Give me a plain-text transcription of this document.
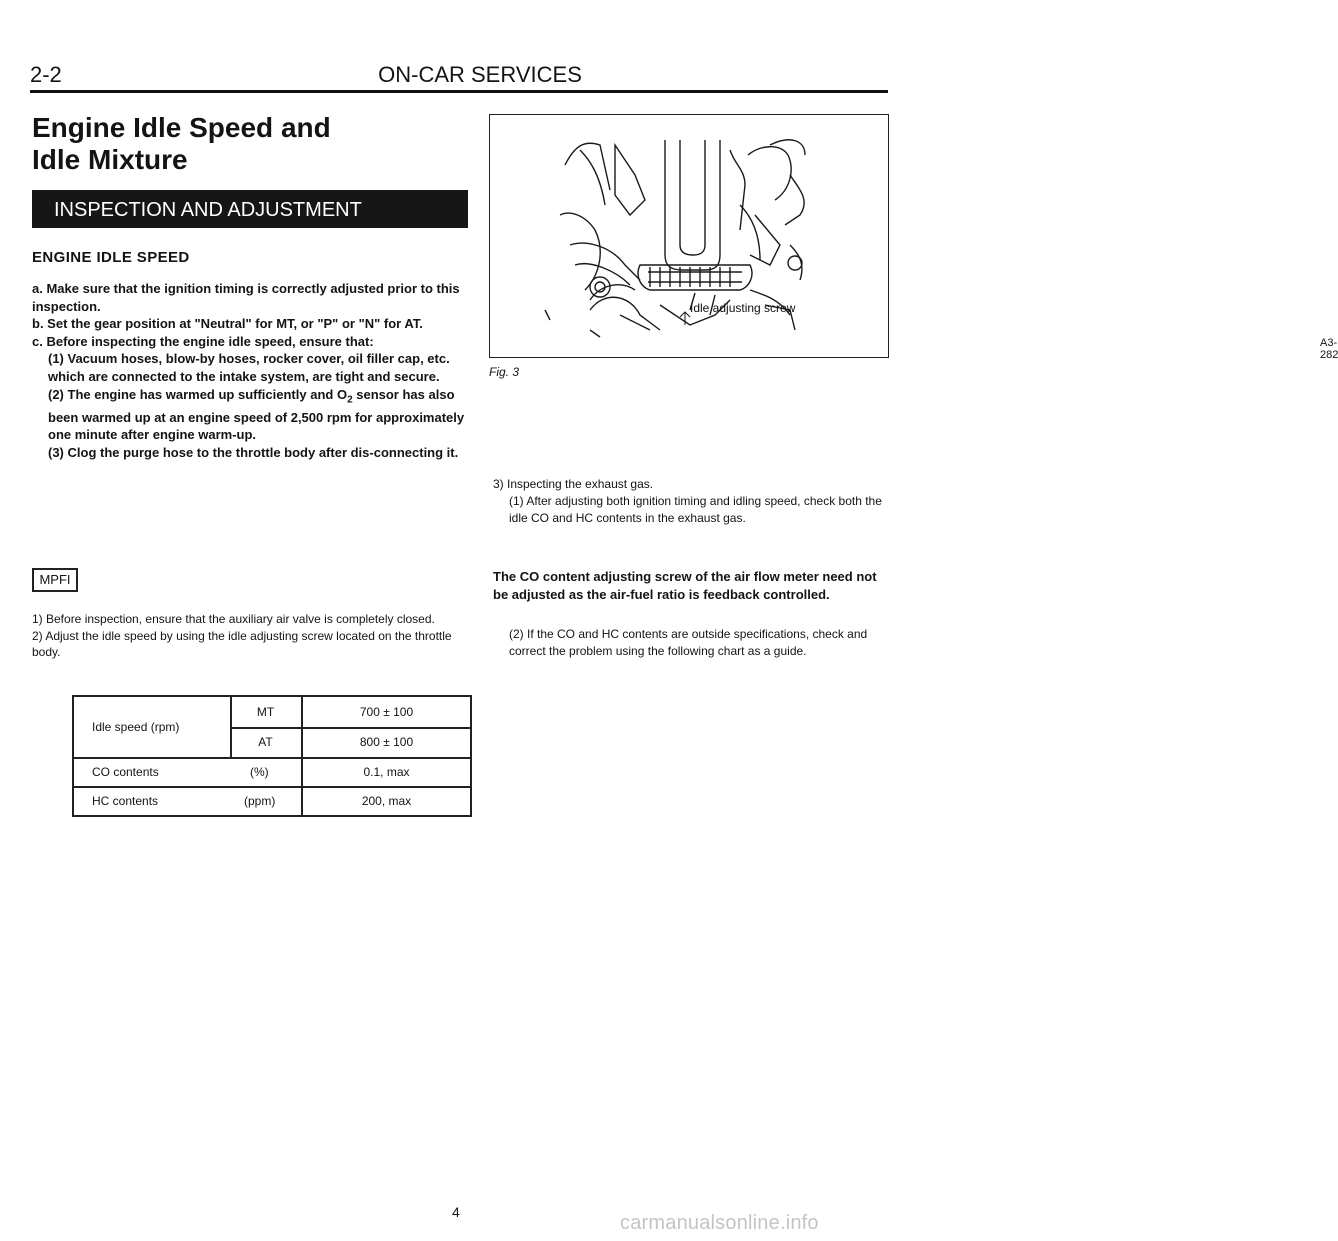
2-2	ON-CAR SERVICES
Engine Idle Speed and
Idle Mixture
INSPECTION AND ADJUSTMENT
ENGINE IDLE SPEED

a. Make sure that the ignition timing is correctly adjusted prior to this inspection.

b. Set the gear position at "Neutral" for MT, or "P" or "N" for AT.

c. Before inspecting the engine idle speed, ensure that:

(1) Vacuum hoses, blow-by hoses, rocker cover, oil filler cap, etc. which are connected to the intake system, are tight and secure.

(2) The engine has warmed up sufficiently and $O_2$ sensor has also been warmed up at an engine speed of 2,500 rpm for approximately one minute after engine warm-up.

(3) Clog the purge hose to the throttle body after dis-connecting it.

MPFI

1) Before inspection, ensure that the auxiliary air valve is completely closed.

2) Adjust the idle speed by using the idle adjusting screw located on the throttle body.

Idle speed (rpm)
MT	700 ± 100
AT	800 ± 100
CO contents	(%)	0.1, max
HC contents	(ppm)	200, max
Idle adjusting screw
A3-282
Fig. 3

3) Inspecting the exhaust gas.

(1) After adjusting both ignition timing and idling speed, check both the idle CO and HC contents in the exhaust gas.

The CO content adjusting screw of the air flow meter need not be adjusted as the air-fuel ratio is feedback controlled.

(2) If the CO and HC contents are outside specifications, check and correct the problem using the following chart as a guide.

4	carmanualsonline.info
